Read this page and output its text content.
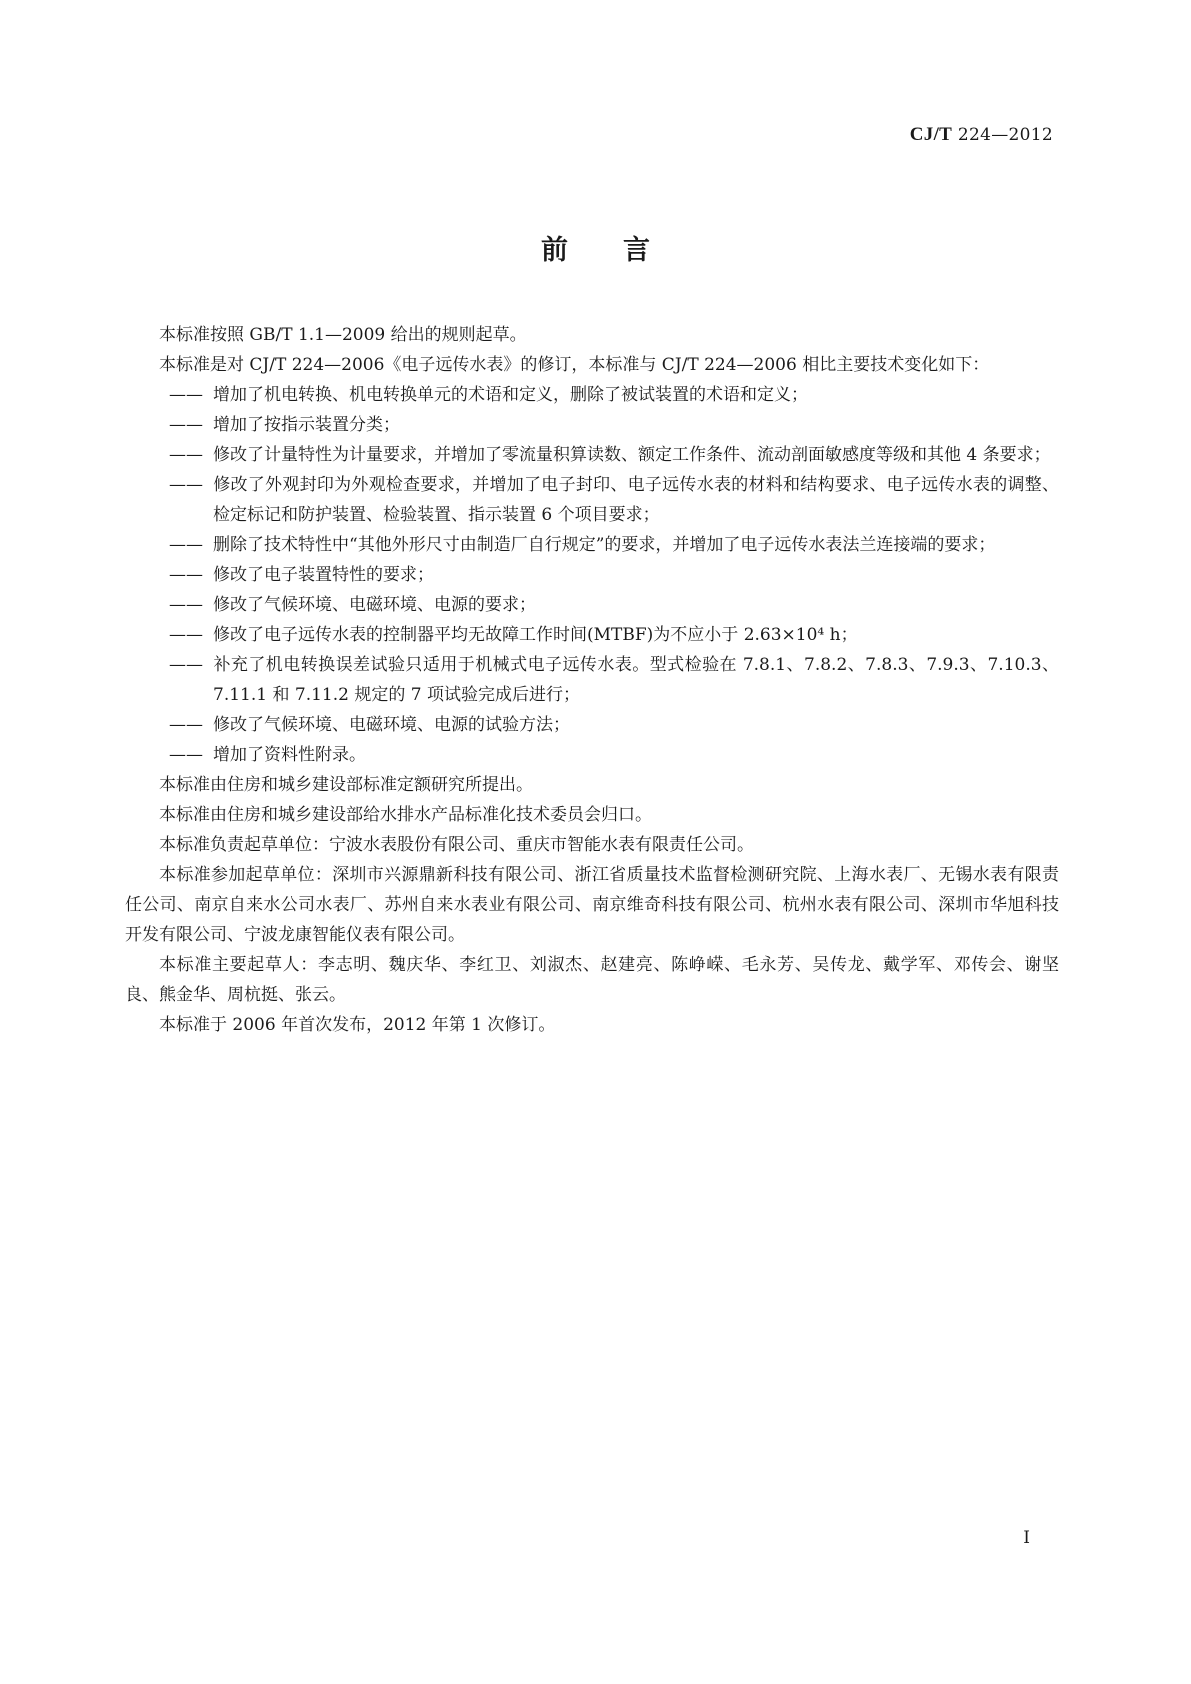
CJ/T 224—2012
前言

本标准按照 GB/T 1.1—2009 给出的规则起草。

本标准是对 CJ/T 224—2006《电子远传水表》的修订，本标准与 CJ/T 224—2006 相比主要技术变化如下：

—— 增加了机电转换、机电转换单元的术语和定义，删除了被试装置的术语和定义；

—— 增加了按指示装置分类；

—— 修改了计量特性为计量要求，并增加了零流量积算读数、额定工作条件、流动剖面敏感度等级和其他 4 条要求；

—— 修改了外观封印为外观检查要求，并增加了电子封印、电子远传水表的材料和结构要求、电子远传水表的调整、检定标记和防护装置、检验装置、指示装置 6 个项目要求；

—— 删除了技术特性中“其他外形尺寸由制造厂自行规定”的要求，并增加了电子远传水表法兰连接端的要求；

—— 修改了电子装置特性的要求；

—— 修改了气候环境、电磁环境、电源的要求；

—— 修改了电子远传水表的控制器平均无故障工作时间(MTBF)为不应小于 2.63×10⁴ h；

—— 补充了机电转换误差试验只适用于机械式电子远传水表。型式检验在 7.8.1、7.8.2、7.8.3、7.9.3、7.10.3、7.11.1 和 7.11.2 规定的 7 项试验完成后进行；

—— 修改了气候环境、电磁环境、电源的试验方法；

—— 增加了资料性附录。

本标准由住房和城乡建设部标准定额研究所提出。

本标准由住房和城乡建设部给水排水产品标准化技术委员会归口。

本标准负责起草单位：宁波水表股份有限公司、重庆市智能水表有限责任公司。

本标准参加起草单位：深圳市兴源鼎新科技有限公司、浙江省质量技术监督检测研究院、上海水表厂、无锡水表有限责任公司、南京自来水公司水表厂、苏州自来水表业有限公司、南京维奇科技有限公司、杭州水表有限公司、深圳市华旭科技开发有限公司、宁波龙康智能仪表有限公司。

本标准主要起草人：李志明、魏庆华、李红卫、刘淑杰、赵建亮、陈峥嵘、毛永芳、吴传龙、戴学军、邓传会、谢坚良、熊金华、周杭挺、张云。

本标准于 2006 年首次发布，2012 年第 1 次修订。

I
